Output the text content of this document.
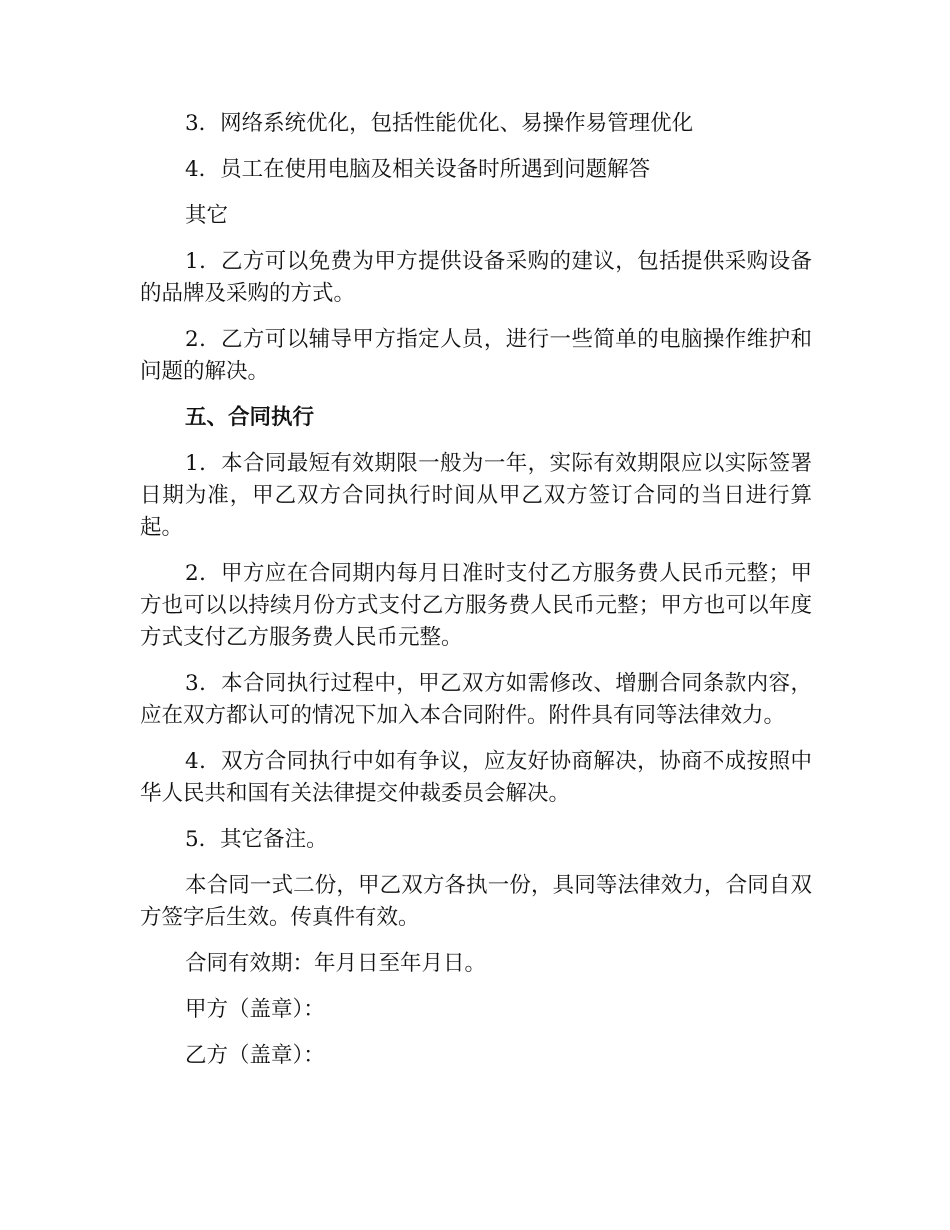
3．网络系统优化，包括性能优化、易操作易管理优化

4．员工在使用电脑及相关设备时所遇到问题解答

其它

1．乙方可以免费为甲方提供设备采购的建议，包括提供采购设备的品牌及采购的方式。

2．乙方可以辅导甲方指定人员，进行一些简单的电脑操作维护和问题的解决。

五、合同执行

1．本合同最短有效期限一般为一年，实际有效期限应以实际签署日期为准，甲乙双方合同执行时间从甲乙双方签订合同的当日进行算起。

2．甲方应在合同期内每月日准时支付乙方服务费人民币元整；甲方也可以以持续月份方式支付乙方服务费人民币元整；甲方也可以年度方式支付乙方服务费人民币元整。

3．本合同执行过程中，甲乙双方如需修改、增删合同条款内容，应在双方都认可的情况下加入本合同附件。附件具有同等法律效力。

4．双方合同执行中如有争议，应友好协商解决，协商不成按照中华人民共和国有关法律提交仲裁委员会解决。

5．其它备注。

本合同一式二份，甲乙双方各执一份，具同等法律效力，合同自双方签字后生效。传真件有效。

合同有效期：年月日至年月日。

甲方（盖章）：

乙方（盖章）：
